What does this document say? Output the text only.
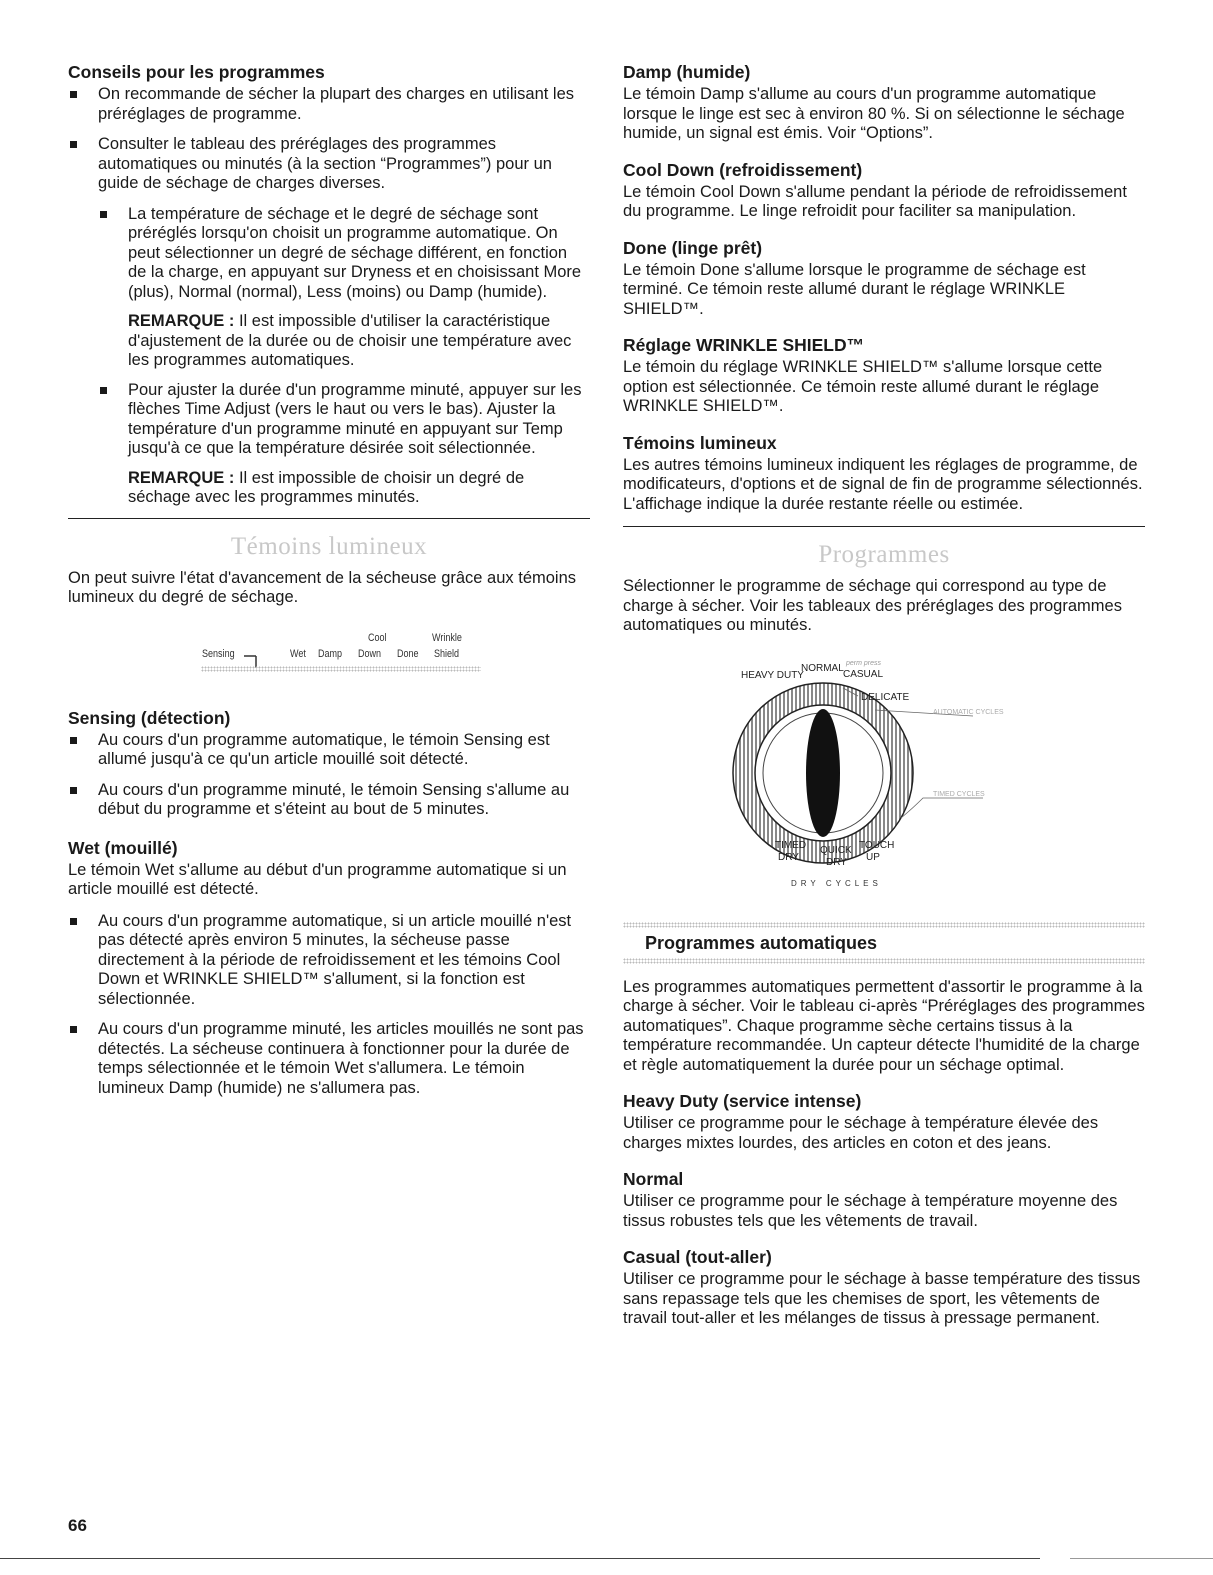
Conseils pour les programmes
On recommande de sécher la plupart des charges en utilisant les préréglages de programme.
Consulter le tableau des préréglages des programmes automatiques ou minutés (à la section “Programmes”) pour un guide de séchage de charges diverses.
La température de séchage et le degré de séchage sont préréglés lorsqu'on choisit un programme automatique. On peut sélectionner un degré de séchage différent, en fonction de la charge, en appuyant sur Dryness et en choisissant More (plus), Normal (normal), Less (moins) ou Damp (humide).

REMARQUE : Il est impossible d'utiliser la caractéristique d'ajustement de la durée ou de choisir une température avec les programmes automatiques.

Pour ajuster la durée d'un programme minuté, appuyer sur les flèches Time Adjust (vers le haut ou vers le bas). Ajuster la température d'un programme minuté en appuyant sur Temp jusqu'à ce que la température désirée soit sélectionnée.

REMARQUE : Il est impossible de choisir un degré de séchage avec les programmes minutés.

Témoins lumineux

On peut suivre l'état d'avancement de la sécheuse grâce aux témoins lumineux du degré de séchage.

Cool	Wrinkle
Sensing	Wet Damp Down Done Shield
Sensing (détection)
Au cours d'un programme automatique, le témoin Sensing est allumé jusqu'à ce qu'un article mouillé soit détecté.
Au cours d'un programme minuté, le témoin Sensing s'allume au début du programme et s'éteint au bout de 5 minutes.
Wet (mouillé)

Le témoin Wet s'allume au début d'un programme automatique si un article mouillé est détecté.

Au cours d'un programme automatique, si un article mouillé n'est pas détecté après environ 5 minutes, la sécheuse passe directement à la période de refroidissement et les témoins Cool Down et WRINKLE SHIELD™ s'allument, si la fonction est sélectionnée.
Au cours d'un programme minuté, les articles mouillés ne sont pas détectés. La sécheuse continuera à fonctionner pour la durée de temps sélectionnée et le témoin Wet s'allumera. Le témoin lumineux Damp (humide) ne s'allumera pas.
Damp (humide)

Le témoin Damp s'allume au cours d'un programme automatique lorsque le linge est sec à environ 80 %. Si on sélectionne le séchage humide, un signal est émis. Voir “Options”.

Cool Down (refroidissement)

Le témoin Cool Down s'allume pendant la période de refroidissement du programme. Le linge refroidit pour faciliter sa manipulation.

Done (linge prêt)

Le témoin Done s'allume lorsque le programme de séchage est terminé. Ce témoin reste allumé durant le réglage WRINKLE SHIELD™.

Réglage WRINKLE SHIELD™

Le témoin du réglage WRINKLE SHIELD™ s'allume lorsque cette option est sélectionnée. Ce témoin reste allumé durant le réglage WRINKLE SHIELD™.

Témoins lumineux

Les autres témoins lumineux indiquent les réglages de programme, de modificateurs, d'options et de signal de fin de programme sélectionnés. L'affichage indique la durée restante réelle ou estimée.

Programmes

Sélectionner le programme de séchage qui correspond au type de charge à sécher. Voir les tableaux des préréglages des programmes automatiques ou minutés.

HEAVY DUTY
NORMAL perm press
CASUAL
DELICATE
AUTOMATIC CYCLES
TIMED CYCLES
TIMED
DRY
QUICK
DRY
TOUCH
UP
DRY CYCLES
Programmes automatiques

Les programmes automatiques permettent d'assortir le programme à la charge à sécher. Voir le tableau ci-après “Préréglages des programmes automatiques”. Chaque programme sèche certains tissus à la température recommandée. Un capteur détecte l'humidité de la charge et règle automatiquement la durée pour un séchage optimal.

Heavy Duty (service intense)

Utiliser ce programme pour le séchage à température élevée des charges mixtes lourdes, des articles en coton et des jeans.

Normal

Utiliser ce programme pour le séchage à température moyenne des tissus robustes tels que les vêtements de travail.

Casual (tout-aller)

Utiliser ce programme pour le séchage à basse température des tissus sans repassage tels que les chemises de sport, les vêtements de travail tout-aller et les mélanges de tissus à pressage permanent.

66
